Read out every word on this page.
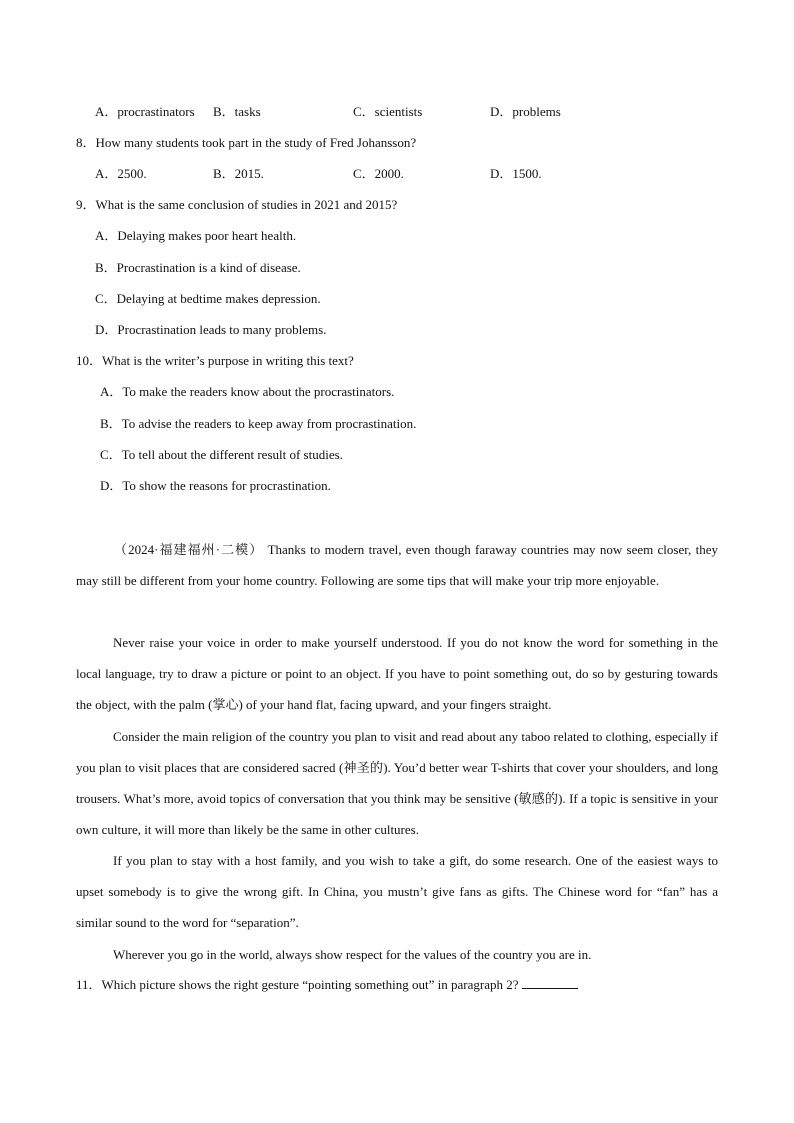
A．procrastinators B．tasks	C．scientists	D．problems
8．How many students took part in the study of Fred Johansson?
A．2500.	B．2015.	C．2000.	D．1500.
9．What is the same conclusion of studies in 2021 and 2015?
A．Delaying makes poor heart health.
B．Procrastination is a kind of disease.
C．Delaying at bedtime makes depression.
D．Procrastination leads to many problems.
10．What is the writer’s purpose in writing this text?
A．To make the readers know about the procrastinators.
B．To advise the readers to keep away from procrastination.
C．To tell about the different result of studies.
D．To show the reasons for procrastination.
（2024·福建福州·二模） Thanks to modern travel, even though faraway countries may now seem closer, they may still be different from your home country. Following are some tips that will make your trip more enjoyable.
Never raise your voice in order to make yourself understood. If you do not know the word for something in the local language, try to draw a picture or point to an object. If you have to point something out, do so by gesturing towards the object, with the palm (掌心) of your hand flat, facing upward, and your fingers straight.
Consider the main religion of the country you plan to visit and read about any taboo related to clothing, especially if you plan to visit places that are considered sacred (神圣的). You’d better wear T-shirts that cover your shoulders, and long trousers. What’s more, avoid topics of conversation that you think may be sensitive (敏感的). If a topic is sensitive in your own culture, it will more than likely be the same in other cultures.
If you plan to stay with a host family, and you wish to take a gift, do some research. One of the easiest ways to upset somebody is to give the wrong gift. In China, you mustn’t give fans as gifts. The Chinese word for “fan” has a similar sound to the word for “separation”.
Wherever you go in the world, always show respect for the values of the country you are in.
11．Which picture shows the right gesture “pointing something out” in paragraph 2?
